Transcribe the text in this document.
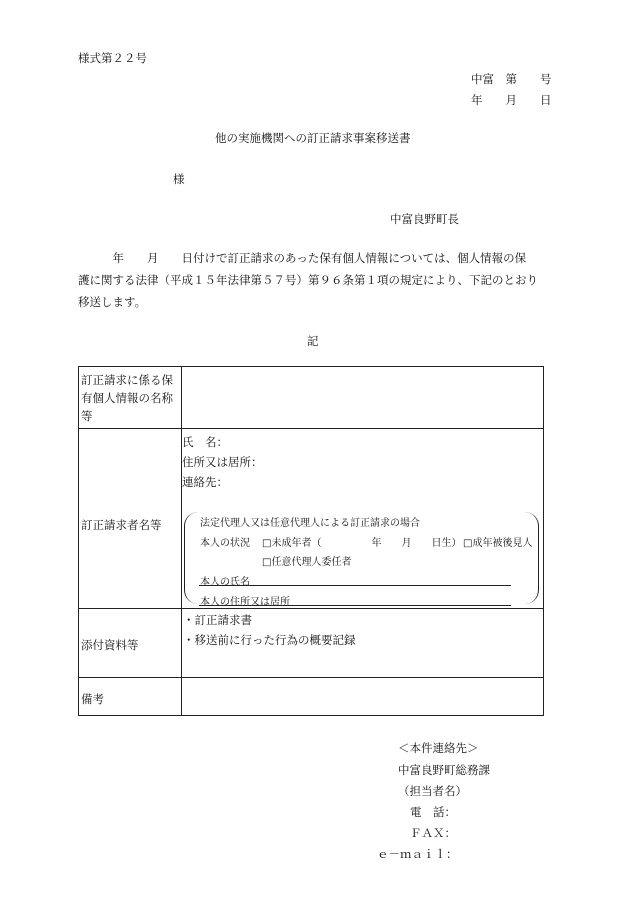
様式第２２号
中富　第　　号
年　　月　　日
他の実施機関への訂正請求事案移送書
様
中富良野町長
　　　年　　月　　日付けで訂正請求のあった保有個人情報については、個人情報の保
護に関する法律（平成１５年法律第５７号）第９６条第１項の規定により、下記のとおり
移送します。
記
訂正請求に係る保
有個人情報の名称
等
訂正請求者名等
氏　名：
住所又は居所：
連絡先：
法定代理人又は任意代理人による訂正請求の場合
本人の状況 □未成年者（　　　　　年　　月　　日生） □成年被後見人
□任意代理人委任者
本人の氏名
本人の住所又は居所
添付資料等
・訂正請求書
・移送前に行った行為の概要記録
備考
＜本件連絡先＞
中富良野町総務課
（担当者名）
電　話：
ＦＡＸ：
ｅ－ｍａｉｌ：
